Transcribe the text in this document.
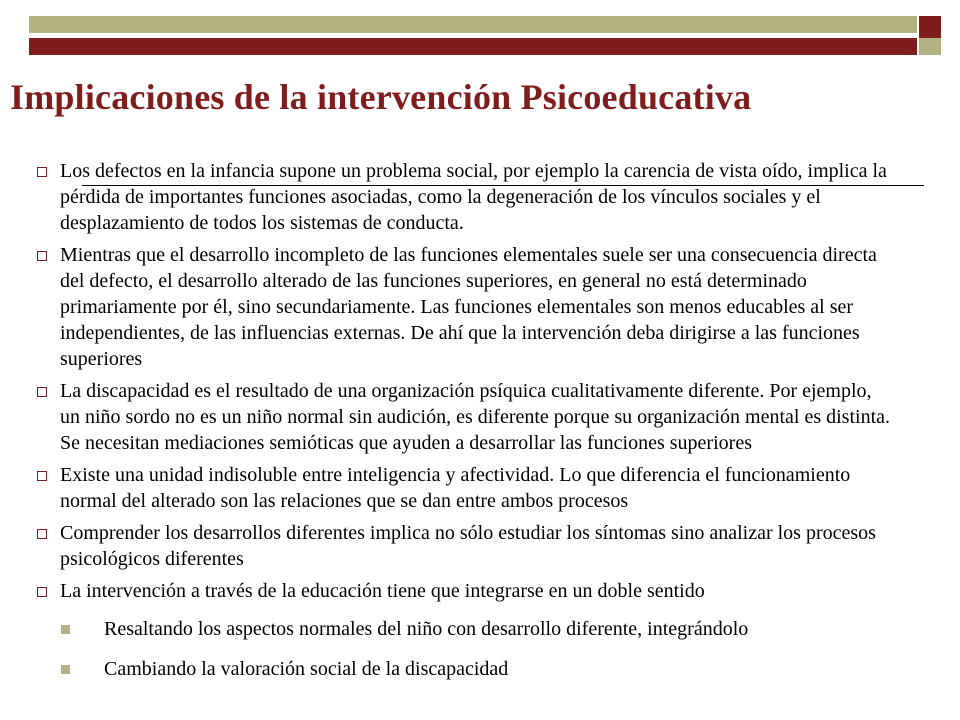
Implicaciones de la intervención Psicoeducativa
Los defectos en la infancia supone un problema social, por ejemplo la carencia de vista oído, implica la pérdida de importantes funciones asociadas, como la degeneración de los vínculos sociales y el desplazamiento de todos los sistemas de conducta.
Mientras que el desarrollo incompleto de las funciones elementales suele ser una consecuencia directa del defecto, el desarrollo alterado de las funciones superiores, en general no está determinado primariamente por él, sino secundariamente. Las funciones elementales son menos educables al ser independientes, de las influencias externas. De ahí que la intervención deba dirigirse a las funciones superiores
La discapacidad es el resultado de una organización psíquica cualitativamente diferente. Por ejemplo, un niño sordo no es un niño normal sin audición, es diferente porque su organización mental es distinta. Se necesitan mediaciones semióticas que ayuden a desarrollar las funciones superiores
Existe una unidad indisoluble entre inteligencia y afectividad. Lo que diferencia el funcionamiento normal del alterado son las relaciones que se dan entre ambos procesos
Comprender los desarrollos diferentes implica no sólo estudiar los síntomas sino analizar los procesos psicológicos diferentes
La intervención a través de la educación tiene que integrarse en un doble sentido
Resaltando los aspectos normales del niño con desarrollo diferente, integrándolo
Cambiando la valoración social de la discapacidad
